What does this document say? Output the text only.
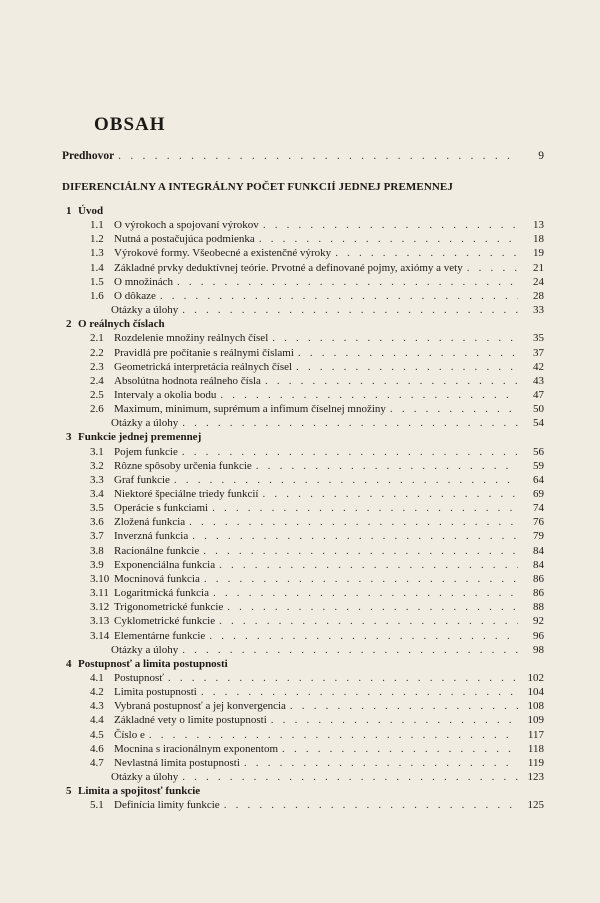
OBSAH
Predhovor . . .	9
DIFERENCIÁLNY A INTEGRÁLNY POČET FUNKCIÍ JEDNEJ PREMENNEJ
1 Úvod
1.1 O výrokoch a spojovaní výrokov . . .	13
1.2 Nutná a postačujúca podmienka . . .	18
1.3 Výrokové formy. Všeobecné a existenčné výroky . . .	19
1.4 Základné prvky deduktívnej teórie. Prvotné a definované pojmy, axiómy a vety . . .	21
1.5 O množinách . . .	24
1.6 O dôkaze . . .	28
Otázky a úlohy . . .	33
2 O reálnych číslach
2.1 Rozdelenie množiny reálnych čísel . . .	35
2.2 Pravidlá pre počítanie s reálnymi číslami . . .	37
2.3 Geometrická interpretácia reálnych čísel . . .	42
2.4 Absolútna hodnota reálneho čísla . . .	43
2.5 Intervaly a okolia bodu . . .	47
2.6 Maximum, minimum, suprémum a infimum číselnej množiny . . .	50
Otázky a úlohy . . .	54
3 Funkcie jednej premennej
3.1 Pojem funkcie . . .	56
3.2 Rôzne spôsoby určenia funkcie . . .	59
3.3 Graf funkcie . . .	64
3.4 Niektoré špeciálne triedy funkcií . . .	69
3.5 Operácie s funkciami . . .	74
3.6 Zložená funkcia . . .	76
3.7 Inverzná funkcia . . .	79
3.8 Racionálne funkcie . . .	84
3.9 Exponenciálna funkcia . . .	84
3.10 Mocninová funkcia . . .	86
3.11 Logaritmická funkcia . . .	86
3.12 Trigonometrické funkcie . . .	88
3.13 Cyklometrické funkcie . . .	92
3.14 Elementárne funkcie . . .	96
Otázky a úlohy . . .	98
4 Postupnosť a limita postupnosti
4.1 Postupnosť . . .	102
4.2 Limita postupnosti . . .	104
4.3 Vybraná postupnosť a jej konvergencia . . .	108
4.4 Základné vety o limite postupnosti . . .	109
4.5 Číslo e . . .	117
4.6 Mocnina s iracionálnym exponentom . . .	118
4.7 Nevlastná limita postupnosti . . .	119
Otázky a úlohy . . .	123
5 Limita a spojitosť funkcie
5.1 Definícia limity funkcie . . .	125
